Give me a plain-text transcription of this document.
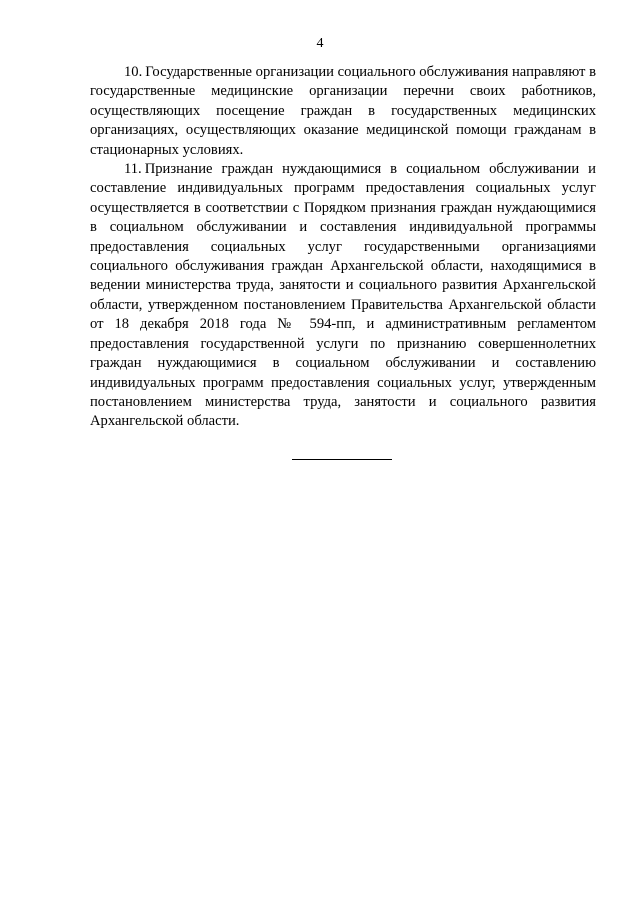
4

10. Государственные организации социального обслуживания направляют в государственные медицинские организации перечни своих работников, осуществляющих посещение граждан в государственных медицинских организациях, осуществляющих оказание медицинской помощи гражданам в стационарных условиях.

11. Признание граждан нуждающимися в социальном обслуживании и составление индивидуальных программ предоставления социальных услуг осуществляется в соответствии с Порядком признания граждан нуждающимися в социальном обслуживании и составления индивидуальной программы предоставления социальных услуг государственными организациями социального обслуживания граждан Архангельской области, находящимися в ведении министерства труда, занятости и социального развития Архангельской области, утвержденном постановлением Правительства Архангельской области от 18 декабря 2018 года № 594-пп, и административным регламентом предоставления государственной услуги по признанию совершеннолетних граждан нуждающимися в социальном обслуживании и составлению индивидуальных программ предоставления социальных услуг, утвержденным постановлением министерства труда, занятости и социального развития Архангельской области.
